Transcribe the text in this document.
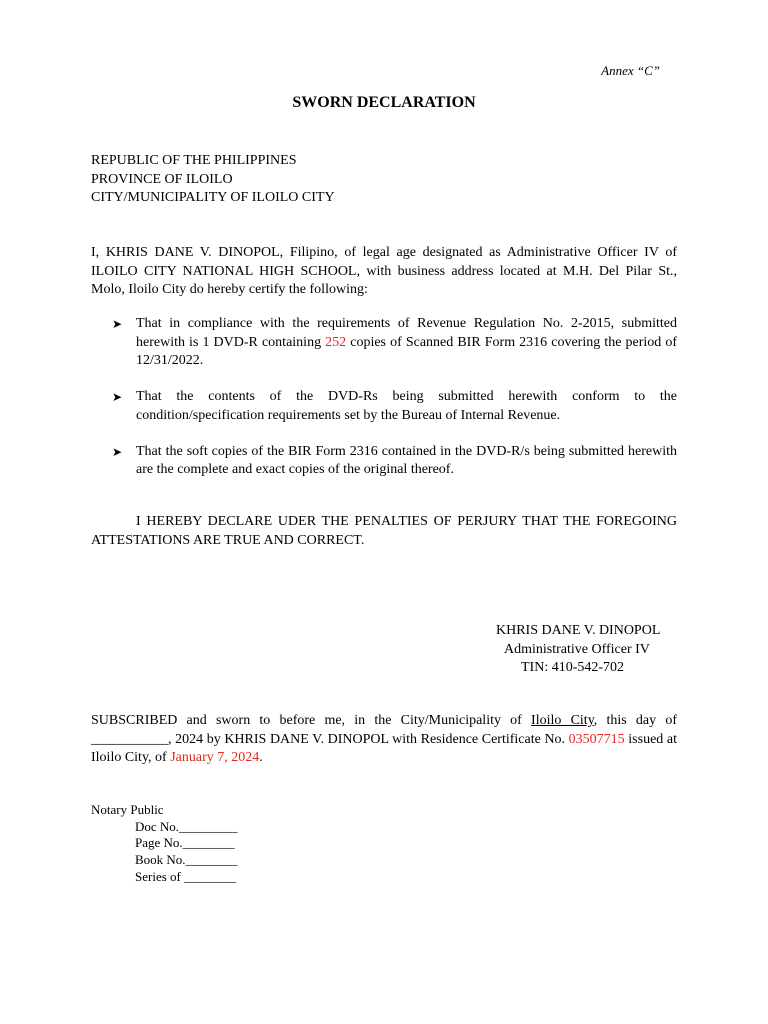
Annex “C”
SWORN DECLARATION
REPUBLIC OF THE PHILIPPINES
PROVINCE OF ILOILO
CITY/MUNICIPALITY OF ILOILO CITY
I, KHRIS DANE V. DINOPOL, Filipino, of legal age designated as Administrative Officer IV of ILOILO CITY NATIONAL HIGH SCHOOL, with business address located at M.H. Del Pilar St., Molo, Iloilo City do hereby certify the following:
➤ That in compliance with the requirements of Revenue Regulation No. 2-2015, submitted herewith is 1 DVD-R containing 252 copies of Scanned BIR Form 2316 covering the period of 12/31/2022.
➤ That the contents of the DVD-Rs being submitted herewith conform to the condition/specification requirements set by the Bureau of Internal Revenue.
➤ That the soft copies of the BIR Form 2316 contained in the DVD-R/s being submitted herewith are the complete and exact copies of the original thereof.
I HEREBY DECLARE UDER THE PENALTIES OF PERJURY THAT THE FOREGOING ATTESTATIONS ARE TRUE AND CORRECT.
KHRIS DANE V. DINOPOL
Administrative Officer IV
TIN: 410-542-702
SUBSCRIBED and sworn to before me, in the City/Municipality of Iloilo City, this day of ___________, 2024 by KHRIS DANE V. DINOPOL with Residence Certificate No. 03507715 issued at Iloilo City, of January 7, 2024.
Notary Public
Doc No._________
Page No.________
Book No.________
Series of ________
